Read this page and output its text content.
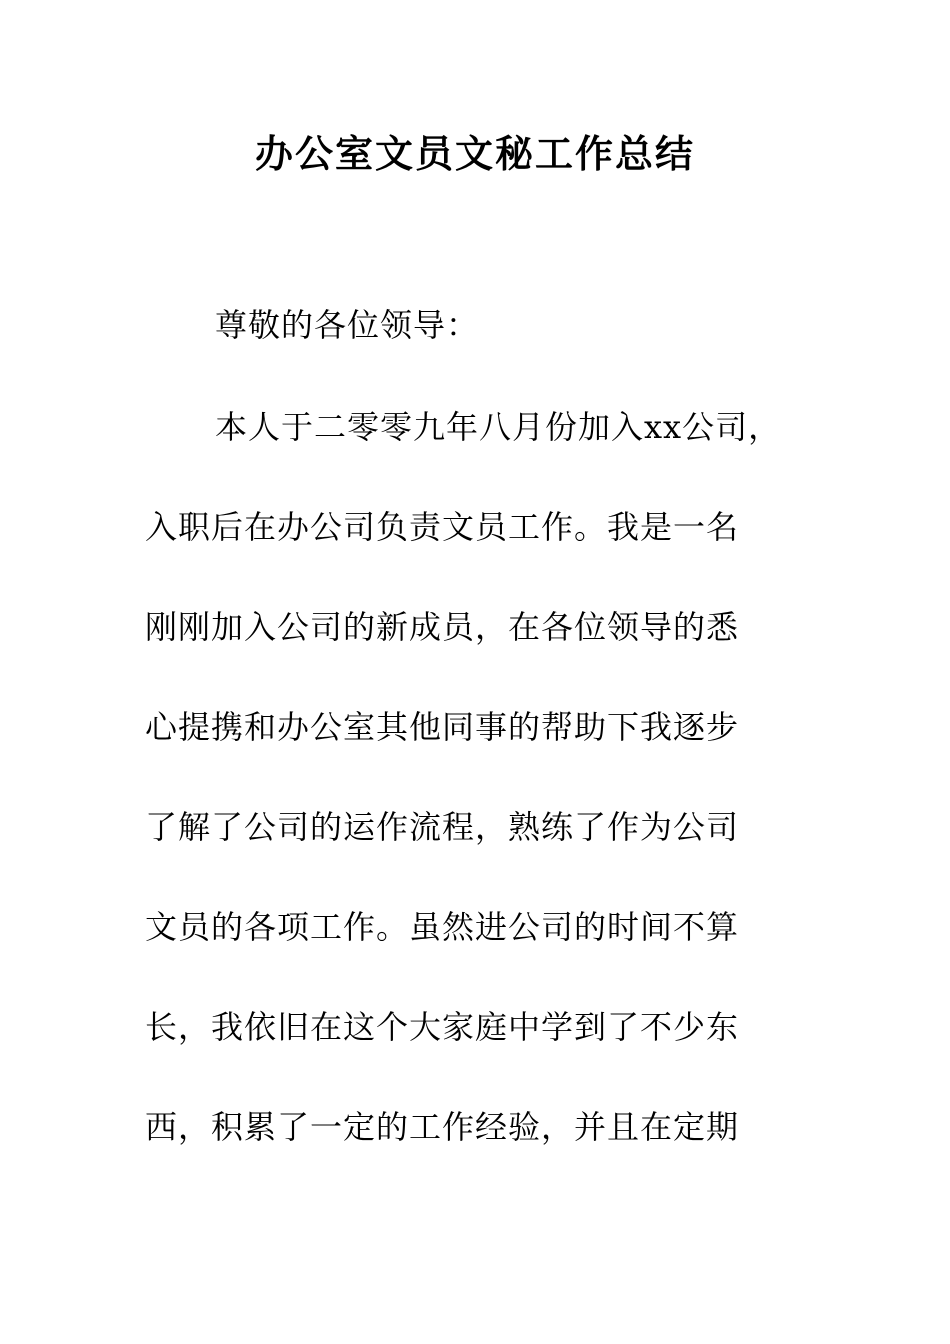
办公室文员文秘工作总结
尊敬的各位领导：
本人于二零零九年八月份加入xx公司，
入职后在办公司负责文员工作。我是一名
刚刚加入公司的新成员，在各位领导的悉
心提携和办公室其他同事的帮助下我逐步
了解了公司的运作流程，熟练了作为公司
文员的各项工作。虽然进公司的时间不算
长，我依旧在这个大家庭中学到了不少东
西，积累了一定的工作经验，并且在定期
